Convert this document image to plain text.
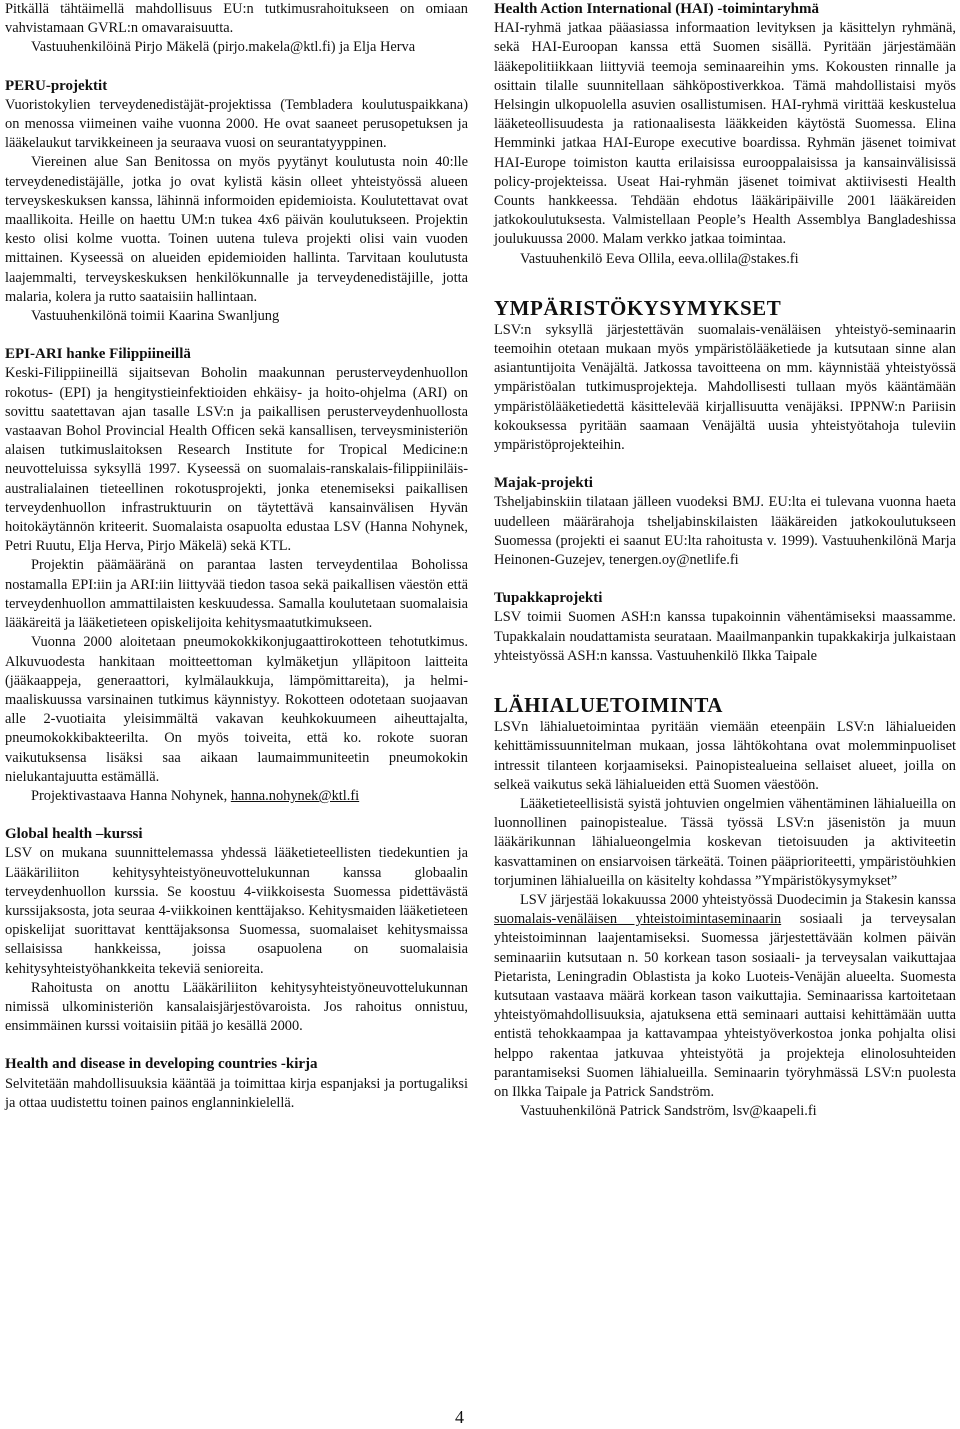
Pitkällä tähtäimellä mahdollisuus EU:n tutkimusrahoitukseen on omiaan vahvistamaan GVRL:n omavaraisuutta.

Vastuuhenkilöinä Pirjo Mäkelä (pirjo.makela@ktl.fi) ja Elja Herva

PERU-projektit

Vuoristokylien terveydenedistäjät-projektissa (Tembladera koulutuspaikkana) on menossa viimeinen vaihe vuonna 2000. He ovat saaneet perusopetuksen ja lääkelaukut tarvikkeineen ja seuraava vuosi on seurantatyyppinen.

Viereinen alue San Benitossa on myös pyytänyt koulutusta noin 40:lle terveydenedistäjälle, jotka jo ovat kylistä käsin olleet yhteistyössä alueen terveyskeskuksen kanssa, lähinnä informoiden epidemioista. Koulutettavat ovat maallikoita. Heille on haettu UM:n tukea 4x6 päivän koulutukseen. Projektin kesto olisi kolme vuotta. Toinen uutena tuleva projekti olisi vain vuoden mittainen. Kyseessä on alueiden epidemioiden hallinta. Tarvitaan koulutusta laajemmalti, terveyskeskuksen henkilökunnalle ja terveydenedistäjille, jotta malaria, kolera ja rutto saataisiin hallintaan.

Vastuuhenkilönä toimii Kaarina Swanljung

EPI-ARI hanke Filippiineillä

Keski-Filippiineillä sijaitsevan Boholin maakunnan perusterveydenhuollon rokotus- (EPI) ja hengitystieinfektioiden ehkäisy- ja hoito-ohjelma (ARI) on sovittu saatettavan ajan tasalle LSV:n ja paikallisen perusterveydenhuollosta vastaavan Bohol Provincial Health Officen sekä kansallisen, terveysministeriön alaisen tutkimuslaitoksen Research Institute for Tropical Medicine:n neuvotteluissa syksyllä 1997. Kyseessä on suomalais-ranskalais-filippiiniläis-australialainen tieteellinen rokotusprojekti, jonka etenemiseksi paikallisen terveydenhuollon infrastruktuurin on täytettävä kansainvälisen Hyvän hoitokäytännön kriteerit. Suomalaista osapuolta edustaa LSV (Hanna Nohynek, Petri Ruutu, Elja Herva, Pirjo Mäkelä) sekä KTL.

Projektin päämääränä on parantaa lasten terveydentilaa Boholissa nostamalla EPI:iin ja ARI:iin liittyvää tiedon tasoa sekä paikallisen väestön että terveydenhuollon ammattilaisten keskuudessa. Samalla koulutetaan suomalaisia lääkäreitä ja lääketieteen opiskelijoita kehitysmaatutkimukseen.

Vuonna 2000 aloitetaan pneumokokkikonjugaattirokotteen tehotutkimus. Alkuvuodesta hankitaan moitteettoman kylmäketjun ylläpitoon laitteita (jääkaappeja, generaattori, kylmälaukkuja, lämpömittareita), ja helmi-maaliskuussa varsinainen tutkimus käynnistyy. Rokotteen odotetaan suojaavan alle 2-vuotiaita yleisimmältä vakavan keuhkokuumeen aiheuttajalta, pneumokokkibakteerilta. On myös toiveita, että ko. rokote suoran vaikutuksensa lisäksi saa aikaan laumaimmuniteetin pneumokokin nielukantajuutta estämällä.

Projektivastaava Hanna Nohynek, hanna.nohynek@ktl.fi

Global health –kurssi

LSV on mukana suunnittelemassa yhdessä lääketieteellisten tiedekuntien ja Lääkäriliiton kehitysyhteistyöneuvottelukunnan kanssa globaalin terveydenhuollon kurssia. Se koostuu 4-viikkoisesta Suomessa pidettävästä kurssijaksosta, jota seuraa 4-viikkoinen kenttäjakso. Kehitysmaiden lääketieteen opiskelijat suorittavat kenttäjaksonsa Suomessa, suomalaiset kehitysmaissa sellaisissa hankkeissa, joissa osapuolena on suomalaisia kehitysyhteistyöhankkeita tekeviä senioreita.

Rahoitusta on anottu Lääkäriliiton kehitysyhteistyöneuvottelukunnan nimissä ulkoministeriön kansalaisjärjestövaroista. Jos rahoitus onnistuu, ensimmäinen kurssi voitaisiin pitää jo kesällä 2000.

Health and disease in developing countries -kirja

Selvitetään mahdollisuuksia kääntää ja toimittaa kirja espanjaksi ja portugaliksi ja ottaa uudistettu toinen painos englanninkielellä.

Health Action International (HAI) -toimintaryhmä

HAI-ryhmä jatkaa pääasiassa informaation levityksen ja käsittelyn ryhmänä, sekä HAI-Euroopan kanssa että Suomen sisällä. Pyritään järjestämään lääkepolitiikkaan liittyviä teemoja seminaareihin yms. Kokousten rinnalle ja osittain tilalle suunnitellaan sähköpostiverkkoa. Tämä mahdollistaisi myös Helsingin ulkopuolella asuvien osallistumisen. HAI-ryhmä virittää keskustelua lääketeollisuudesta ja rationaalisesta lääkkeiden käytöstä Suomessa. Elina Hemminki jatkaa HAI-Europe executive boardissa. Ryhmän jäsenet toimivat HAI-Europe toimiston kautta erilaisissa eurooppalaisissa ja kansainvälisissä policy-projekteissa. Useat Hai-ryhmän jäsenet toimivat aktiivisesti Health Counts hankkeessa. Tehdään ehdotus lääkäripäiville 2001 lääkäreiden jatkokoulutuksesta. Valmistellaan People’s Health Assemblya Bangladeshissa joulukuussa 2000. Malam verkko jatkaa toimintaa.

Vastuuhenkilö Eeva Ollila, eeva.ollila@stakes.fi

YMPÄRISTÖKYSYMYKSET

LSV:n syksyllä järjestettävän suomalais-venäläisen yhteistyö-seminaarin teemoihin otetaan mukaan myös ympäristölääketiede ja kutsutaan sinne alan asiantuntijoita Venäjältä. Jatkossa tavoitteena on mm. käynnistää yhteistyössä ympäristöalan tutkimusprojekteja. Mahdollisesti tullaan myös kääntämään ympäristölääketiedettä käsittelevää kirjallisuutta venäjäksi. IPPNW:n Pariisin kokouksessa pyritään saamaan Venäjältä uusia yhteistyötahoja tuleviin ympäristöprojekteihin.

Majak-projekti

Tsheljabinskiin tilataan jälleen vuodeksi BMJ. EU:lta ei tulevana vuonna haeta uudelleen määrärahoja tsheljabinskilaisten lääkäreiden jatkokoulutukseen Suomessa (projekti ei saanut EU:lta rahoitusta v. 1999). Vastuuhenkilönä Marja Heinonen-Guzejev, tenergen.oy@netlife.fi

Tupakkaprojekti

LSV toimii Suomen ASH:n kanssa tupakoinnin vähentämiseksi maassamme. Tupakkalain noudattamista seurataan. Maailmanpankin tupakkakirja julkaistaan yhteistyössä ASH:n kanssa. Vastuuhenkilö Ilkka Taipale

LÄHIALUETOIMINTA

LSVn lähialuetoimintaa pyritään viemään eteenpäin LSV:n lähialueiden kehittämissuunnitelman mukaan, jossa lähtökohtana ovat molemminpuoliset intressit tilanteen korjaamiseksi. Painopistealueina sellaiset alueet, joilla on selkeä vaikutus sekä lähialueiden että Suomen väestöön.

Lääketieteellisistä syistä johtuvien ongelmien vähentäminen lähialueilla on luonnollinen painopistealue. Tässä työssä LSV:n jäsenistön ja muun lääkärikunnan lähialueongelmia koskevan tietoisuuden ja aktiviteetin kasvattaminen on ensiarvoisen tärkeätä. Toinen pääprioriteetti, ympäristöuhkien torjuminen lähialueilla on käsitelty kohdassa ”Ympäristökysymykset”

LSV järjestää lokakuussa 2000 yhteistyössä Duodecimin ja Stakesin kanssa suomalais-venäläisen yhteistoimintaseminaarin sosiaali ja terveysalan yhteistoiminnan laajentamiseksi. Suomessa järjestettävään kolmen päivän seminaariin kutsutaan n. 50 korkean tason sosiaali- ja terveysalan vaikuttajaa Pietarista, Leningradin Oblastista ja koko Luoteis-Venäjän alueelta. Suomesta kutsutaan vastaava määrä korkean tason vaikuttajia. Seminaarissa kartoitetaan yhteistyömahdollisuuksia, ajatuksena että seminaari auttaisi kehittämään uutta entistä tehokkaampaa ja kattavampaa yhteistyöverkostoa jonka pohjalta olisi helppo rakentaa jatkuvaa yhteistyötä ja projekteja elinolosuhteiden parantamiseksi Suomen lähialueilla. Seminaarin työryhmässä LSV:n puolesta on Ilkka Taipale ja Patrick Sandström.

Vastuuhenkilönä Patrick Sandström, lsv@kaapeli.fi

4
